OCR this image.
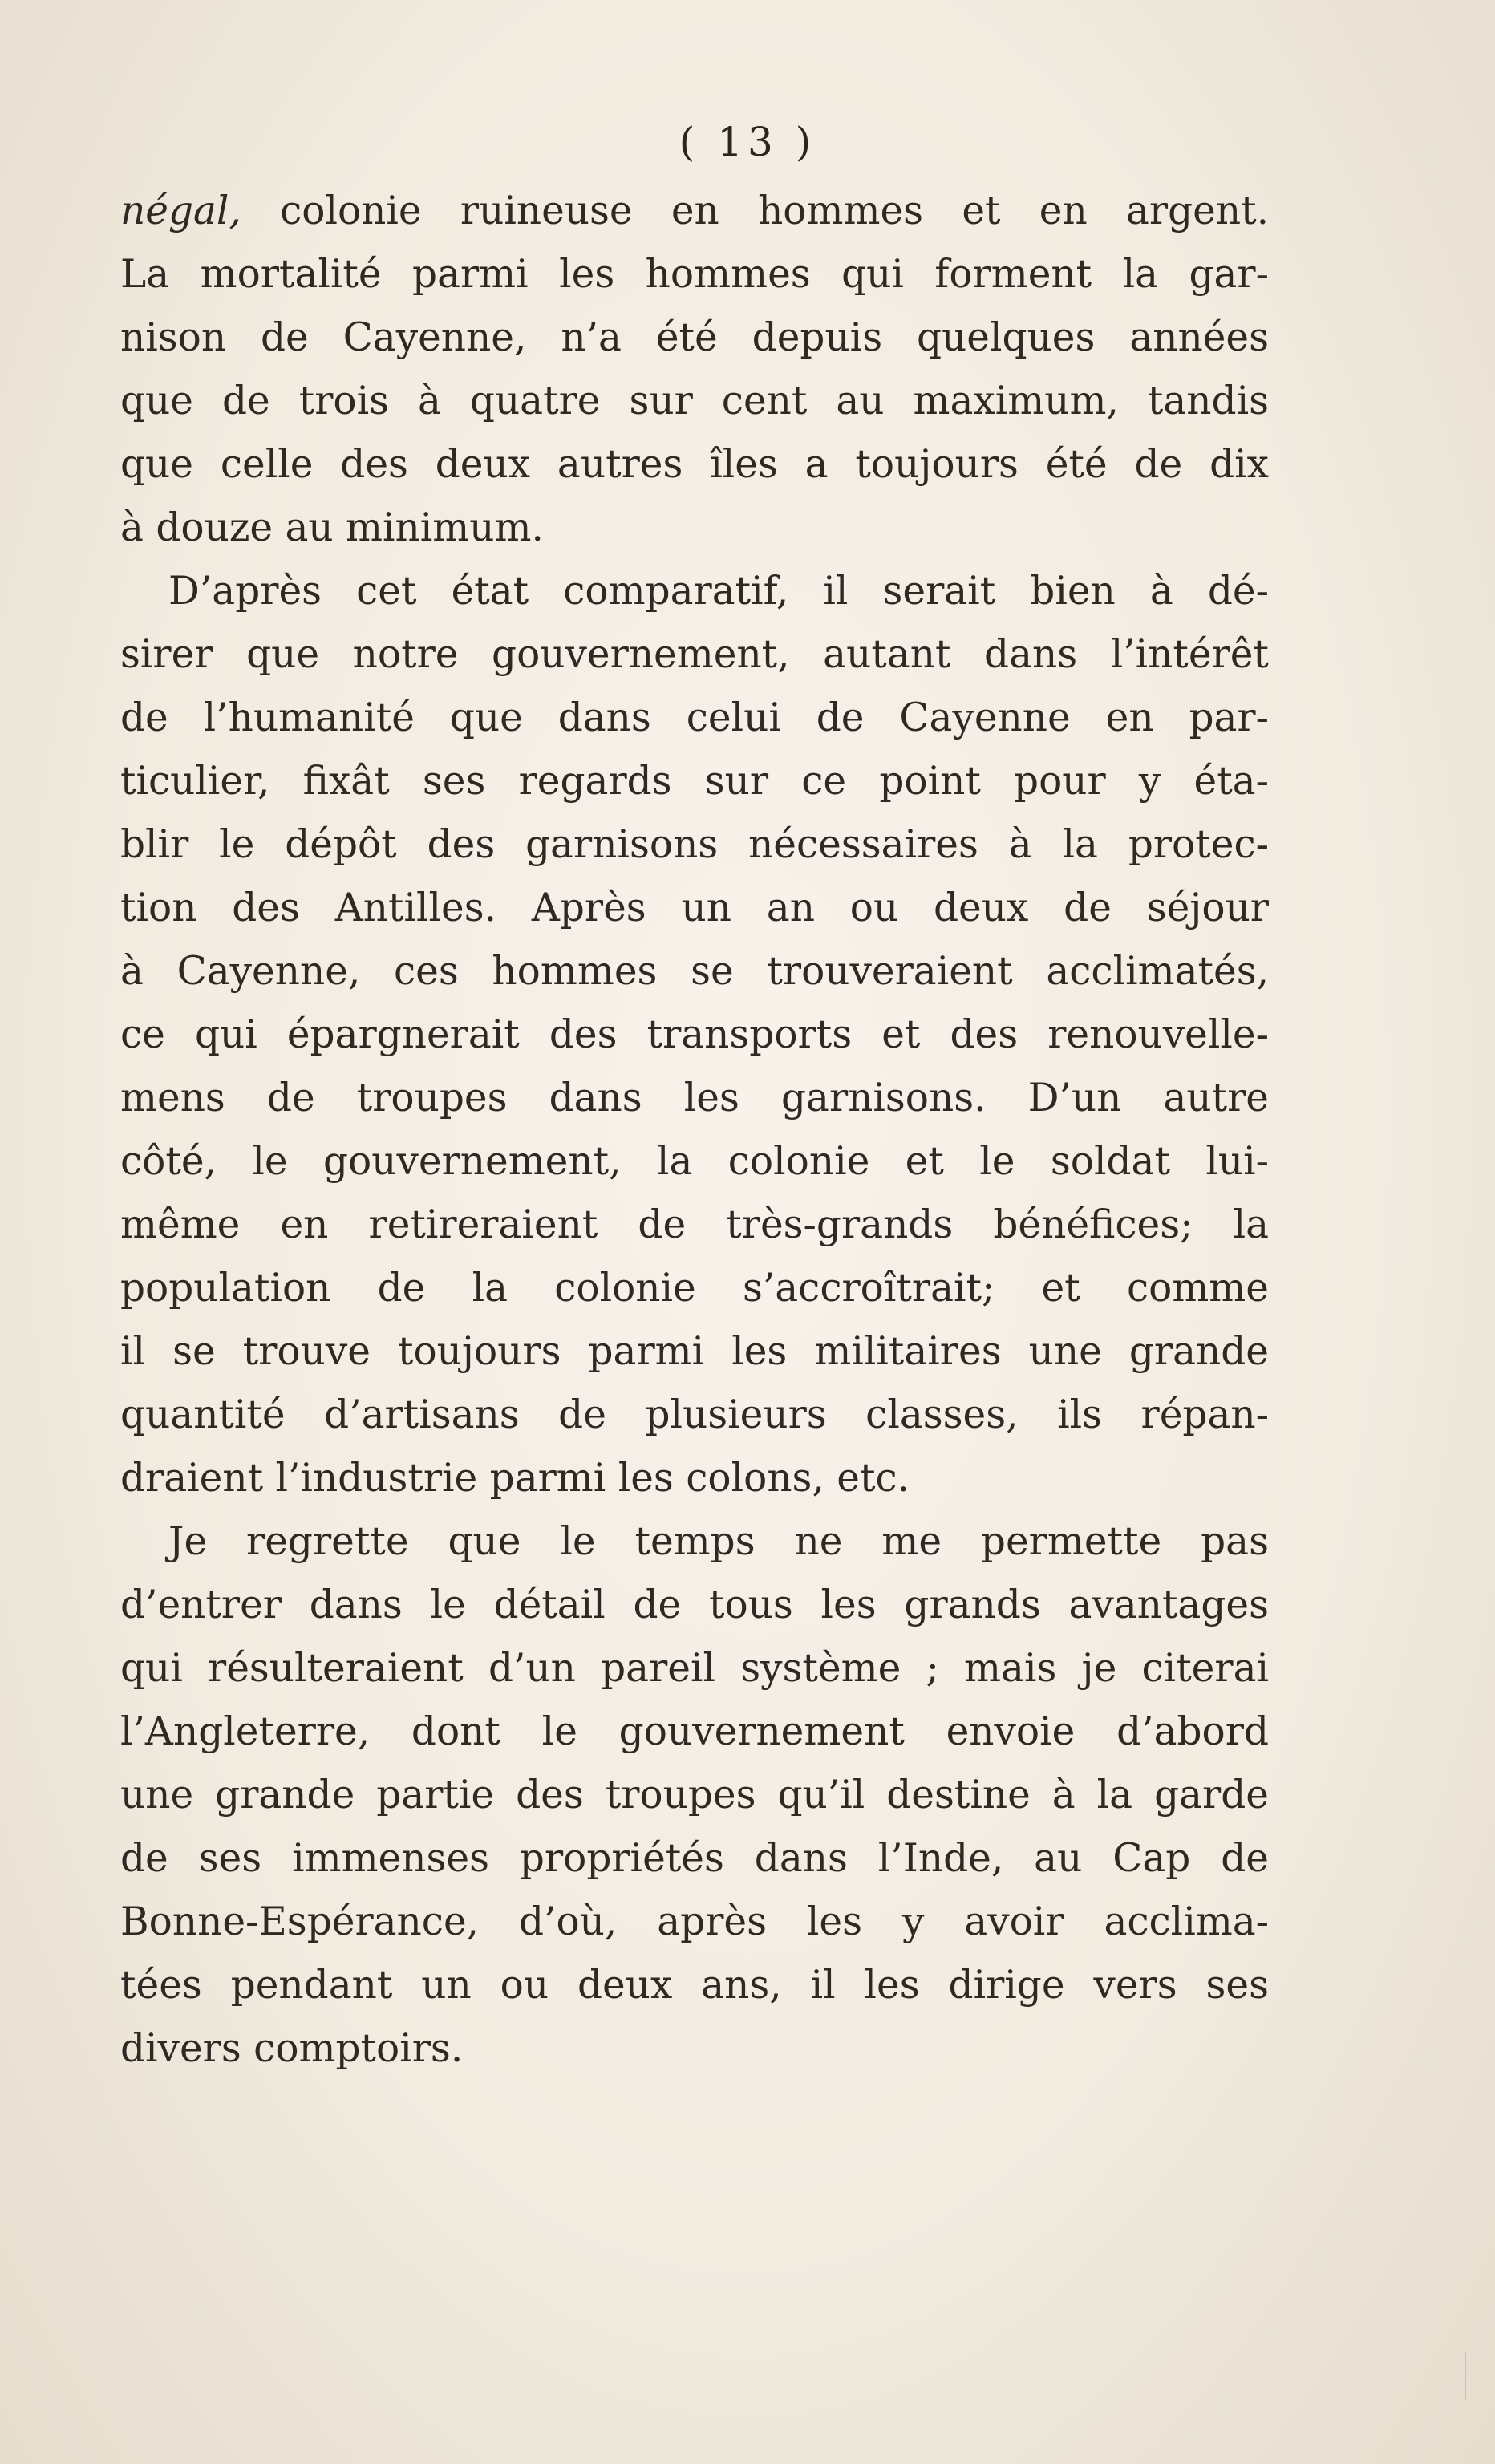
( 13 )
négal, colonie ruineuse en hommes et en argent.
La mortalité parmi les hommes qui forment la gar-
nison de Cayenne, n’a été depuis quelques années
que de trois à quatre sur cent au maximum, tandis
que celle des deux autres îles a toujours été de dix
à douze au minimum.
D’après cet état comparatif, il serait bien à dé-
sirer que notre gouvernement, autant dans l’intérêt
de l’humanité que dans celui de Cayenne en par-
ticulier, fixât ses regards sur ce point pour y éta-
blir le dépôt des garnisons nécessaires à la protec-
tion des Antilles. Après un an ou deux de séjour
à Cayenne, ces hommes se trouveraient acclimatés,
ce qui épargnerait des transports et des renouvelle-
mens de troupes dans les garnisons. D’un autre
côté, le gouvernement, la colonie et le soldat lui-
même en retireraient de très-grands bénéfices; la
population de la colonie s’accroîtrait; et comme
il se trouve toujours parmi les militaires une grande
quantité d’artisans de plusieurs classes, ils répan-
draient l’industrie parmi les colons, etc.
Je regrette que le temps ne me permette pas
d’entrer dans le détail de tous les grands avantages
qui résulteraient d’un pareil système ; mais je citerai
l’Angleterre, dont le gouvernement envoie d’abord
une grande partie des troupes qu’il destine à la garde
de ses immenses propriétés dans l’Inde, au Cap de
Bonne-Espérance, d’où, après les y avoir acclima-
tées pendant un ou deux ans, il les dirige vers ses
divers comptoirs.
